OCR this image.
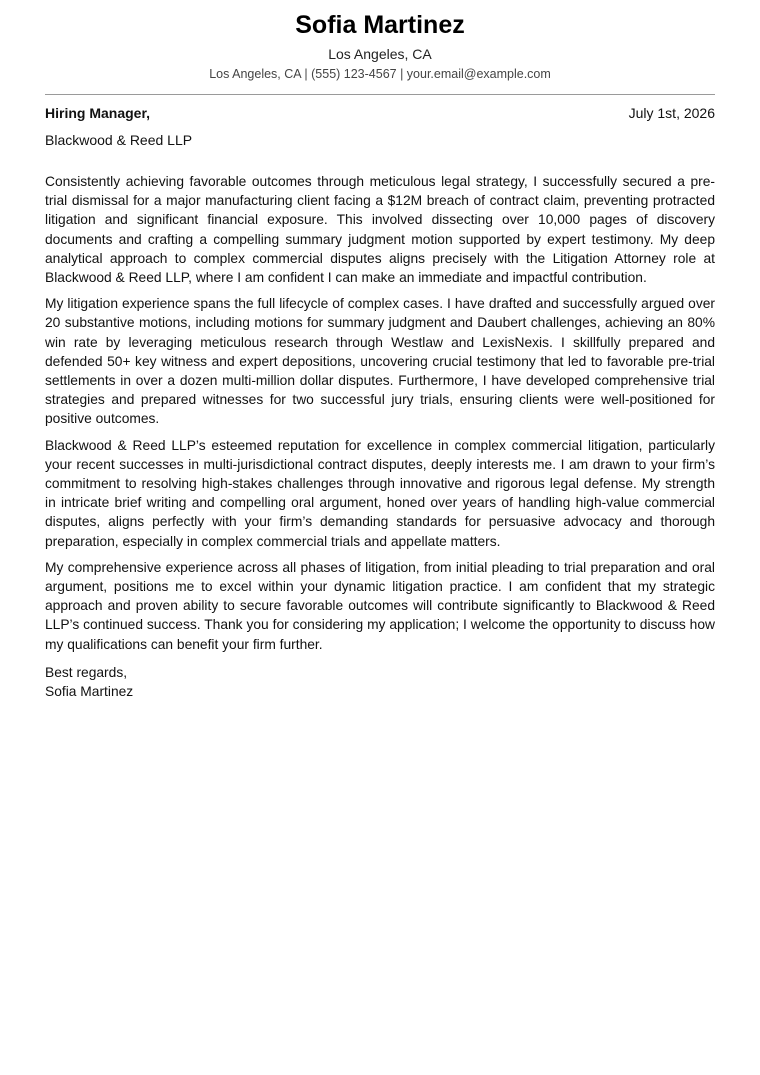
Sofia Martinez
Los Angeles, CA
Los Angeles, CA | (555) 123-4567 | your.email@example.com
Hiring Manager,	July 1st, 2026
Blackwood & Reed LLP

Consistently achieving favorable outcomes through meticulous legal strategy, I successfully secured a pre-trial dismissal for a major manufacturing client facing a $12M breach of contract claim, preventing protracted litigation and significant financial exposure. This involved dissecting over 10,000 pages of discovery documents and crafting a compelling summary judgment motion supported by expert testimony. My deep analytical approach to complex commercial disputes aligns precisely with the Litigation Attorney role at Blackwood & Reed LLP, where I am confident I can make an immediate and impactful contribution.

My litigation experience spans the full lifecycle of complex cases. I have drafted and successfully argued over 20 substantive motions, including motions for summary judgment and Daubert challenges, achieving an 80% win rate by leveraging meticulous research through Westlaw and LexisNexis. I skillfully prepared and defended 50+ key witness and expert depositions, uncovering crucial testimony that led to favorable pre-trial settlements in over a dozen multi-million dollar disputes. Furthermore, I have developed comprehensive trial strategies and prepared witnesses for two successful jury trials, ensuring clients were well-positioned for positive outcomes.

Blackwood & Reed LLP’s esteemed reputation for excellence in complex commercial litigation, particularly your recent successes in multi-jurisdictional contract disputes, deeply interests me. I am drawn to your firm’s commitment to resolving high-stakes challenges through innovative and rigorous legal defense. My strength in intricate brief writing and compelling oral argument, honed over years of handling high-value commercial disputes, aligns perfectly with your firm’s demanding standards for persuasive advocacy and thorough preparation, especially in complex commercial trials and appellate matters.

My comprehensive experience across all phases of litigation, from initial pleading to trial preparation and oral argument, positions me to excel within your dynamic litigation practice. I am confident that my strategic approach and proven ability to secure favorable outcomes will contribute significantly to Blackwood & Reed LLP’s continued success. Thank you for considering my application; I welcome the opportunity to discuss how my qualifications can benefit your firm further.

Best regards,
Sofia Martinez
